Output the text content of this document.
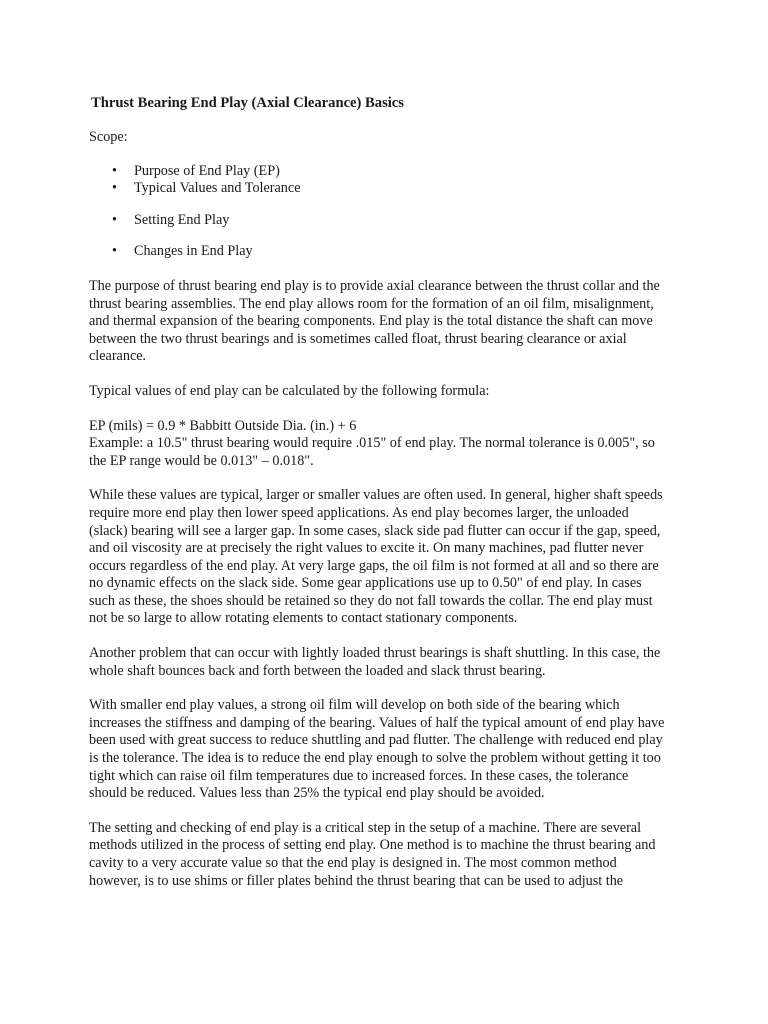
Thrust Bearing End Play (Axial Clearance) Basics

Scope:

• Purpose of End Play (EP)
• Typical Values and Tolerance
• Setting End Play
• Changes in End Play

The purpose of thrust bearing end play is to provide axial clearance between the thrust collar and the thrust bearing assemblies. The end play allows room for the formation of an oil film, misalignment, and thermal expansion of the bearing components. End play is the total distance the shaft can move between the two thrust bearings and is sometimes called float, thrust bearing clearance or axial clearance.

Typical values of end play can be calculated by the following formula:

EP (mils) = 0.9 * Babbitt Outside Dia. (in.) + 6

Example: a 10.5" thrust bearing would require .015" of end play. The normal tolerance is 0.005", so the EP range would be 0.013" – 0.018".

While these values are typical, larger or smaller values are often used. In general, higher shaft speeds require more end play then lower speed applications. As end play becomes larger, the unloaded (slack) bearing will see a larger gap. In some cases, slack side pad flutter can occur if the gap, speed, and oil viscosity are at precisely the right values to excite it. On many machines, pad flutter never occurs regardless of the end play. At very large gaps, the oil film is not formed at all and so there are no dynamic effects on the slack side. Some gear applications use up to 0.50" of end play. In cases such as these, the shoes should be retained so they do not fall towards the collar. The end play must not be so large to allow rotating elements to contact stationary components.

Another problem that can occur with lightly loaded thrust bearings is shaft shuttling. In this case, the whole shaft bounces back and forth between the loaded and slack thrust bearing.

With smaller end play values, a strong oil film will develop on both side of the bearing which increases the stiffness and damping of the bearing. Values of half the typical amount of end play have been used with great success to reduce shuttling and pad flutter. The challenge with reduced end play is the tolerance. The idea is to reduce the end play enough to solve the problem without getting it too tight which can raise oil film temperatures due to increased forces. In these cases, the tolerance should be reduced. Values less than 25% the typical end play should be avoided.

The setting and checking of end play is a critical step in the setup of a machine. There are several methods utilized in the process of setting end play. One method is to machine the thrust bearing and cavity to a very accurate value so that the end play is designed in. The most common method however, is to use shims or filler plates behind the thrust bearing that can be used to adjust the
